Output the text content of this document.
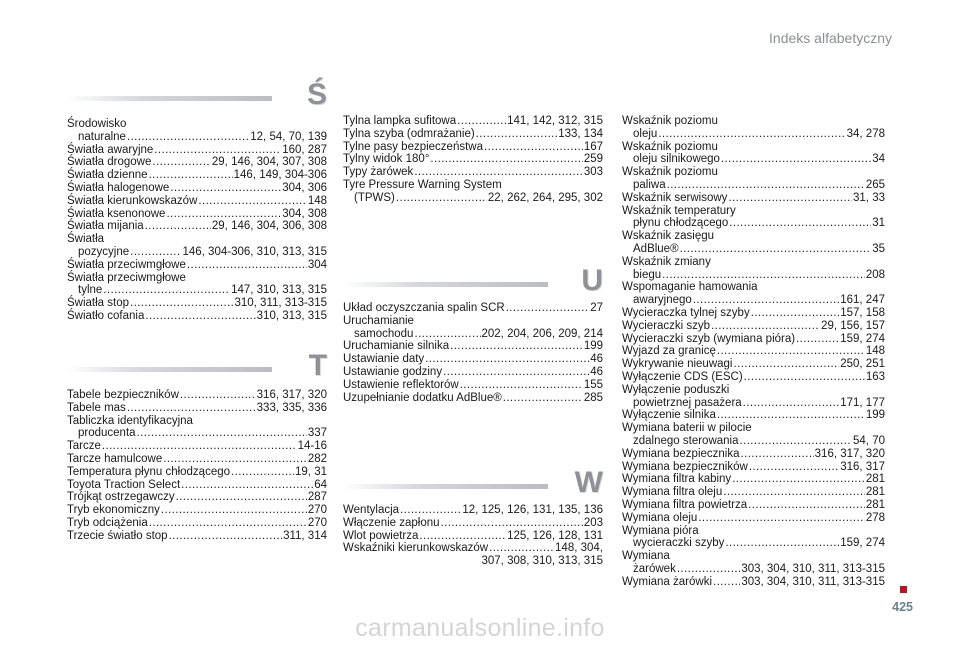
Indeks alfabetyczny
Ś
Środowisko
naturalne .....	12, 54, 70, 139
Światła awaryjne .....	160, 287
Światła drogowe .....	29, 146, 304, 307, 308
Światła dzienne .....	146, 149, 304-306
Światła halogenowe .....	304, 306
Światła kierunkowskazów .....	148
Światła ksenonowe .....	304, 308
Światła mijania .....	29, 146, 304, 306, 308
Światła
pozycyjne .....	146, 304-306, 310, 313, 315
Światła przeciwmgłowe .....	304
Światła przeciwmgłowe
tylne .....	147, 310, 313, 315
Światła stop .....	310, 311, 313-315
Światło cofania .....	310, 313, 315
T
Tabele bezpieczników .....	316, 317, 320
Tabele mas .....	333, 335, 336
Tabliczka identyfikacyjna
producenta .....	337
Tarcze .....	14-16
Tarcze hamulcowe .....	282
Temperatura płynu chłodzącego .....	19, 31
Toyota Traction Select .....	64
Trójkąt ostrzegawczy .....	287
Tryb ekonomiczny .....	270
Tryb odciążenia .....	270
Trzecie światło stop .....	311, 314
Tylna lampka sufitowa .....	141, 142, 312, 315
Tylna szyba (odmrażanie) .....	133, 134
Tylne pasy bezpieczeństwa .....	167
Tylny widok 180° .....	259
Typy żarówek .....	303
Tyre Pressure Warning System
(TPWS) .....	22, 262, 264, 295, 302
U
Układ oczyszczania spalin SCR .....	27
Uruchamianie
samochodu .....	202, 204, 206, 209, 214
Uruchamianie silnika .....	199
Ustawianie daty .....	46
Ustawianie godziny .....	46
Ustawienie reflektorów .....	155
Uzupełnianie dodatku AdBlue® .....	285
W
Wentylacja .....	12, 125, 126, 131, 135, 136
Włączenie zapłonu .....	203
Wlot powietrza .....	125, 126, 128, 131
Wskaźniki kierunkowskazów .....	148, 304,
307, 308, 310, 313, 315
Wskaźnik poziomu
oleju .....	34, 278
Wskaźnik poziomu
oleju silnikowego .....	34
Wskaźnik poziomu
paliwa .....	265
Wskaźnik serwisowy .....	31, 33
Wskaźnik temperatury
płynu chłodzącego .....	31
Wskaźnik zasięgu
AdBlue® .....	35
Wskaźnik zmiany
biegu .....	208
Wspomaganie hamowania
awaryjnego .....	161, 247
Wycieraczka tylnej szyby .....	157, 158
Wycieraczki szyb .....	29, 156, 157
Wycieraczki szyb (wymiana pióra) .....	159, 274
Wyjazd za granicę .....	148
Wykrywanie nieuwagi .....	250, 251
Wyłączenie CDS (ESC) .....	163
Wyłączenie poduszki
powietrznej pasażera .....	171, 177
Wyłączenie silnika .....	199
Wymiana baterii w pilocie
zdalnego sterowania .....	54, 70
Wymiana bezpiecznika .....	316, 317, 320
Wymiana bezpieczników .....	316, 317
Wymiana filtra kabiny .....	281
Wymiana filtra oleju .....	281
Wymiana filtra powietrza .....	281
Wymiana oleju .....	278
Wymiana pióra
wycieraczki szyby .....	159, 274
Wymiana
żarówek .....	303, 304, 310, 311, 313-315
Wymiana żarówki .....	303, 304, 310, 311, 313-315
425
carmanualsonline.info
